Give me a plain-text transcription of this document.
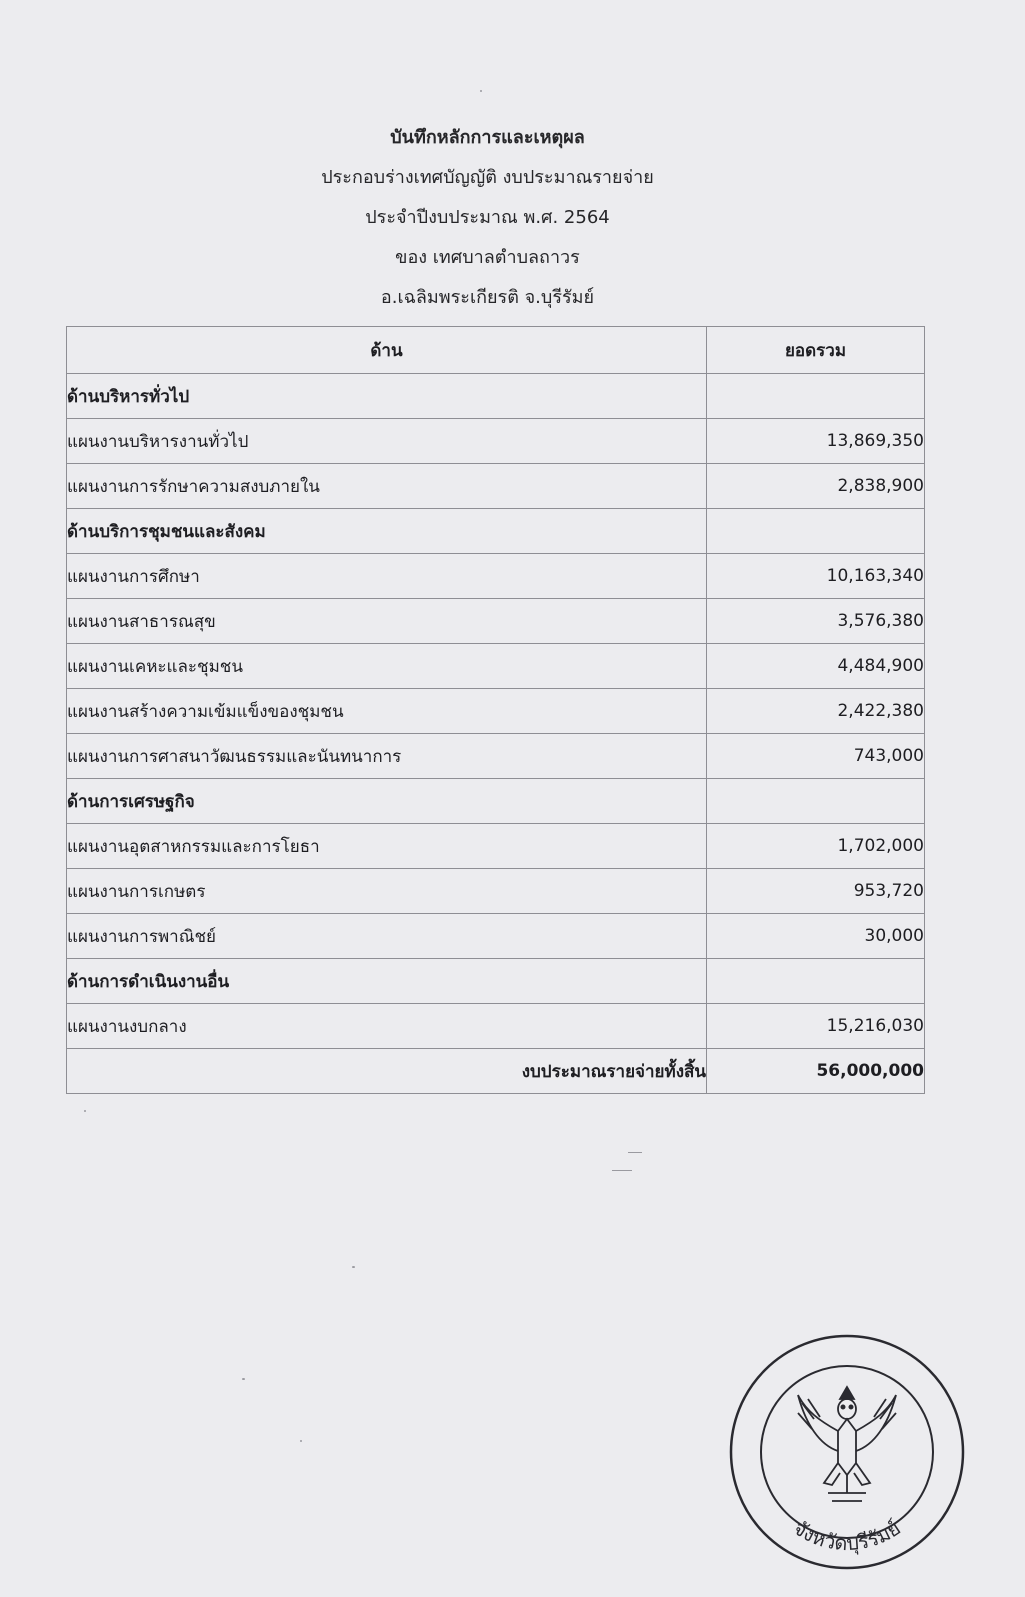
บันทึกหลักการและเหตุผล
ประกอบร่างเทศบัญญัติ งบประมาณรายจ่าย
ประจำปีงบประมาณ พ.ศ. 2564
ของ เทศบาลตำบลถาวร
อ.เฉลิมพระเกียรติ จ.บุรีรัมย์
ด้าน	ยอดรวม
ด้านบริหารทั่วไป	
แผนงานบริหารงานทั่วไป	13,869,350
แผนงานการรักษาความสงบภายใน	2,838,900
ด้านบริการชุมชนและสังคม	
แผนงานการศึกษา	10,163,340
แผนงานสาธารณสุข	3,576,380
แผนงานเคหะและชุมชน	4,484,900
แผนงานสร้างความเข้มแข็งของชุมชน	2,422,380
แผนงานการศาสนาวัฒนธรรมและนันทนาการ	743,000
ด้านการเศรษฐกิจ	
แผนงานอุตสาหกรรมและการโยธา	1,702,000
แผนงานการเกษตร	953,720
แผนงานการพาณิชย์	30,000
ด้านการดำเนินงานอื่น	
แผนงานงบกลาง	15,216,030
งบประมาณรายจ่ายทั้งสิ้น	56,000,000
จังหวัดบุรีรัมย์
